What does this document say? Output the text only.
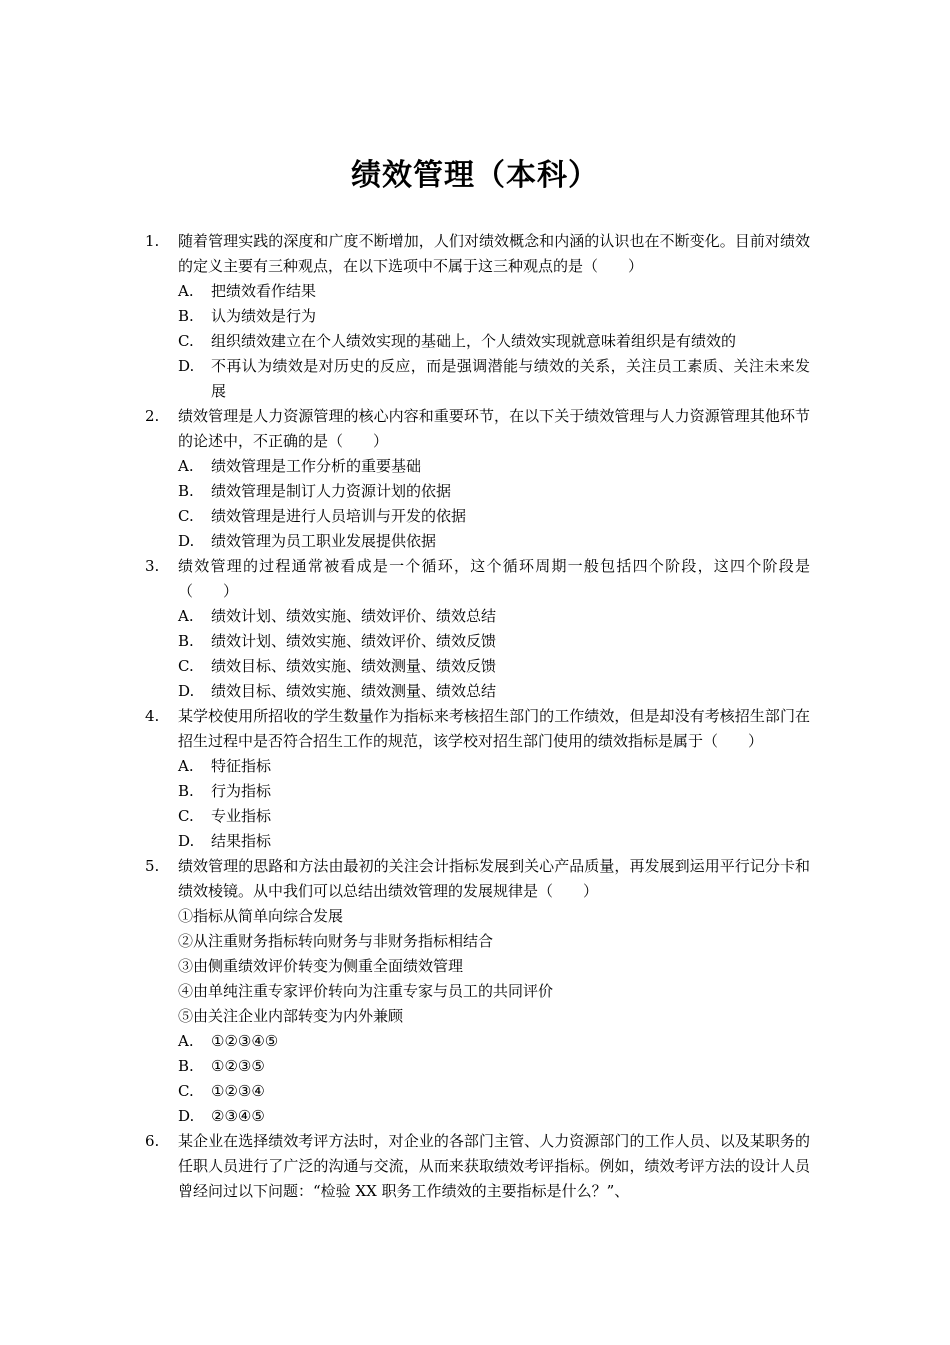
绩效管理（本科）
1.	随着管理实践的深度和广度不断增加，人们对绩效概念和内涵的认识也在不断变化。目前对绩效的定义主要有三种观点，在以下选项中不属于这三种观点的是（　　）
A.	把绩效看作结果
B.	认为绩效是行为
C.	组织绩效建立在个人绩效实现的基础上，个人绩效实现就意味着组织是有绩效的
D.	不再认为绩效是对历史的反应，而是强调潜能与绩效的关系，关注员工素质、关注未来发展
2.	绩效管理是人力资源管理的核心内容和重要环节，在以下关于绩效管理与人力资源管理其他环节的论述中，不正确的是（　　）
A.	绩效管理是工作分析的重要基础
B.	绩效管理是制订人力资源计划的依据
C.	绩效管理是进行人员培训与开发的依据
D.	绩效管理为员工职业发展提供依据
3.	绩效管理的过程通常被看成是一个循环，这个循环周期一般包括四个阶段，这四个阶段是（　　）
A.	绩效计划、绩效实施、绩效评价、绩效总结
B.	绩效计划、绩效实施、绩效评价、绩效反馈
C.	绩效目标、绩效实施、绩效测量、绩效反馈
D.	绩效目标、绩效实施、绩效测量、绩效总结
4.	某学校使用所招收的学生数量作为指标来考核招生部门的工作绩效，但是却没有考核招生部门在招生过程中是否符合招生工作的规范，该学校对招生部门使用的绩效指标是属于（　　）
A.	特征指标
B.	行为指标
C.	专业指标
D.	结果指标
5.	绩效管理的思路和方法由最初的关注会计指标发展到关心产品质量，再发展到运用平行记分卡和绩效棱镜。从中我们可以总结出绩效管理的发展规律是（　　）
①指标从简单向综合发展
②从注重财务指标转向财务与非财务指标相结合
③由侧重绩效评价转变为侧重全面绩效管理
④由单纯注重专家评价转向为注重专家与员工的共同评价
⑤由关注企业内部转变为内外兼顾
A.	①②③④⑤
B.	①②③⑤
C.	①②③④
D.	②③④⑤
6.	某企业在选择绩效考评方法时，对企业的各部门主管、人力资源部门的工作人员、以及某职务的任职人员进行了广泛的沟通与交流，从而来获取绩效考评指标。例如，绩效考评方法的设计人员曾经问过以下问题：“检验 XX 职务工作绩效的主要指标是什么？”、
